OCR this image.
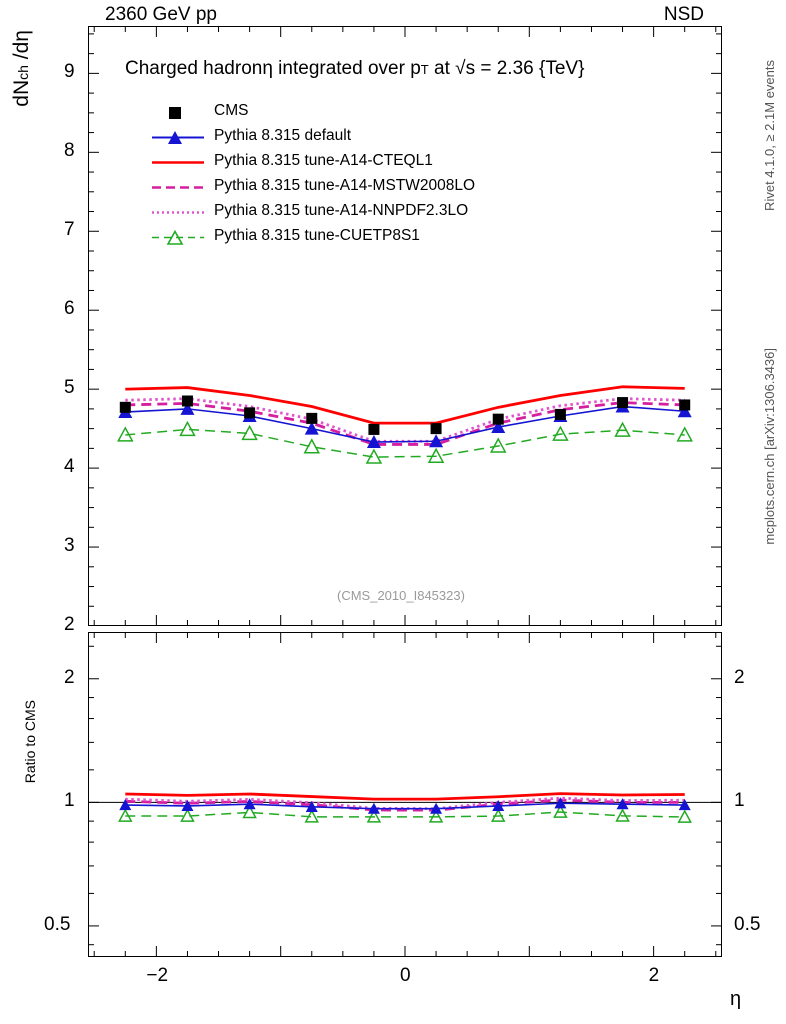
2360 GeV pp	NSD
dNch /dη
Ratio to CMS
Rivet 4.1.0, ≥ 2.1M events
mcplots.cern.ch [arXiv:1306.3436]
Charged hadronη integrated over pT at √s = 2.36 {TeV}
(CMS_2010_I845323)
CMS
Pythia 8.315 default
Pythia 8.315 tune-A14-CTEQL1
Pythia 8.315 tune-A14-MSTW2008LO
Pythia 8.315 tune-A14-NNPDF2.3LO
Pythia 8.315 tune-CUETP8S1
2
3
4
5
6
7
8
9
0.5	0.5
1	1
2	2
−2	0	2
η
